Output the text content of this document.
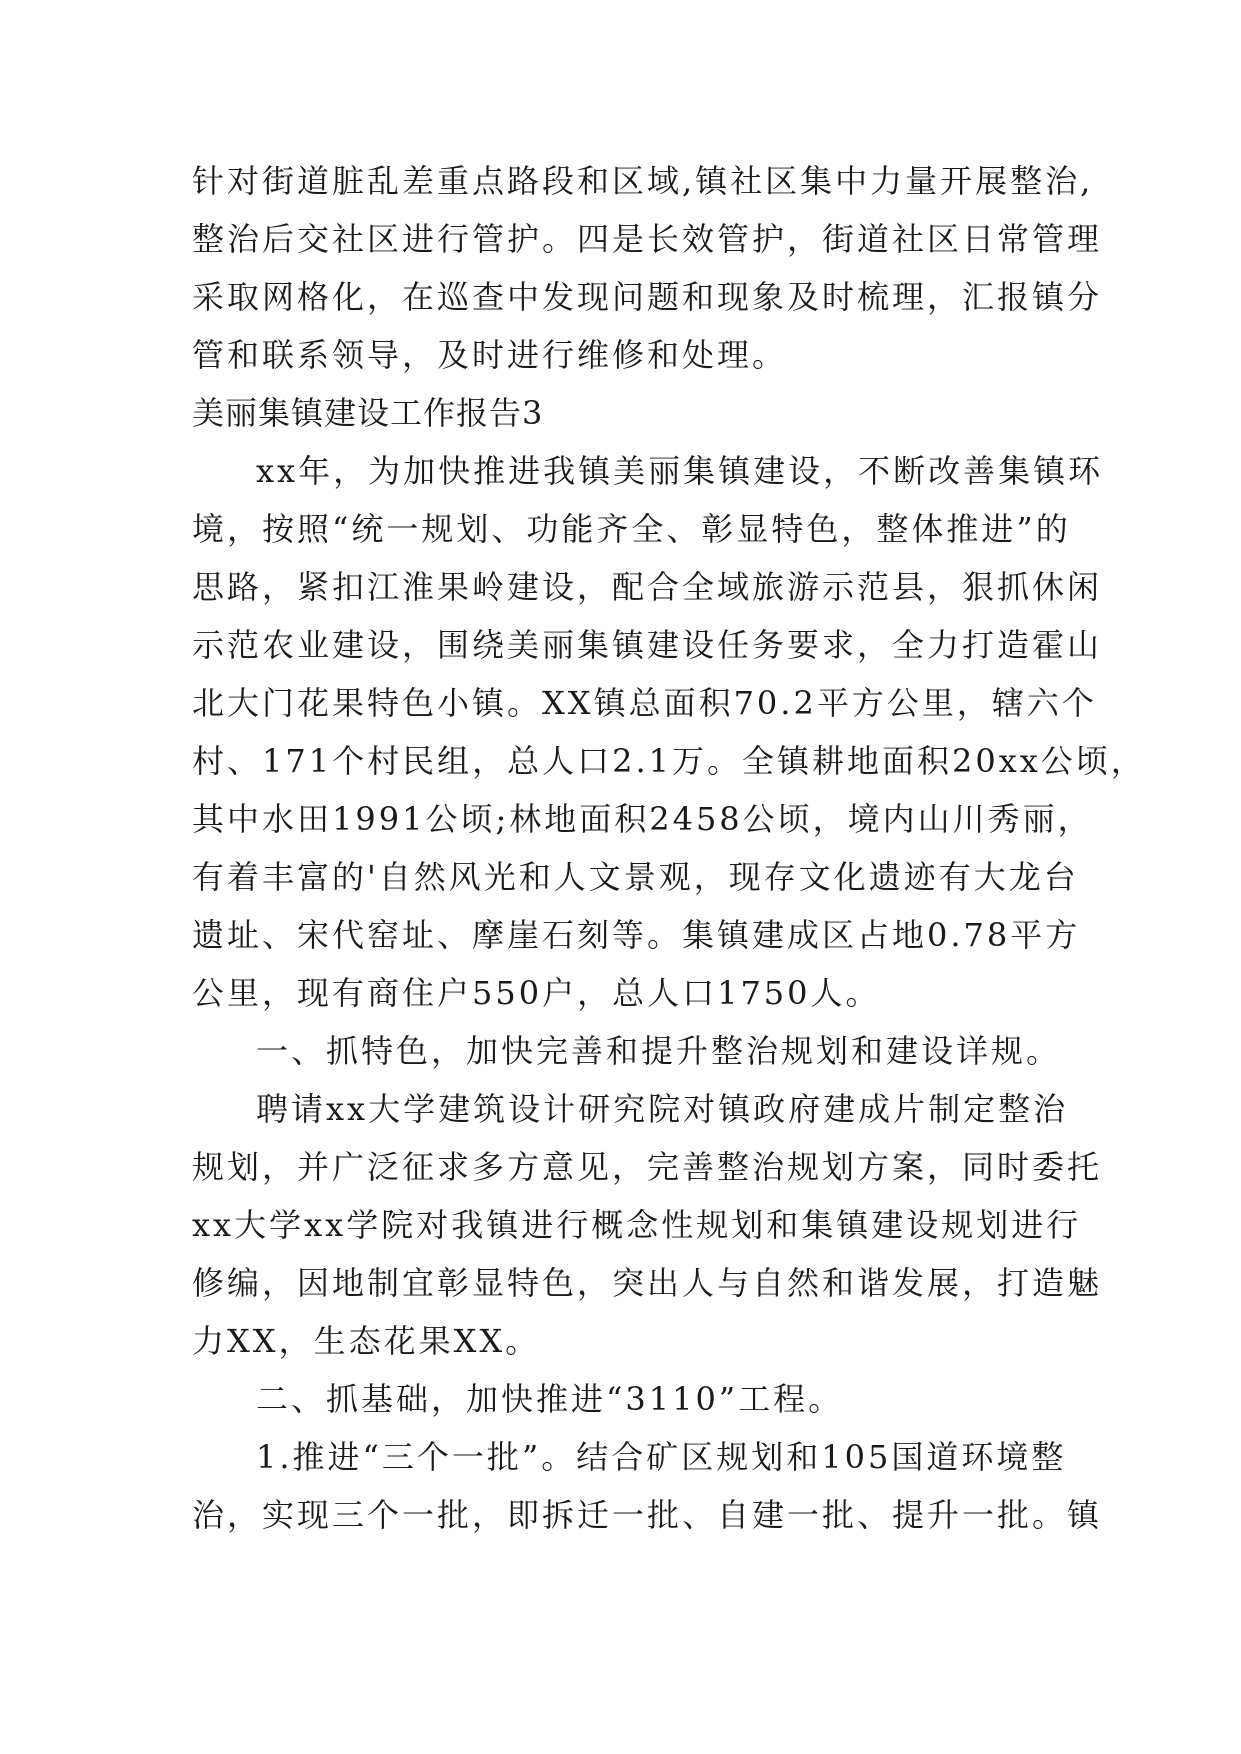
针对街道脏乱差重点路段和区域,镇社区集中力量开展整治,
整治后交社区进行管护。四是长效管护，街道社区日常管理
采取网格化，在巡查中发现问题和现象及时梳理，汇报镇分
管和联系领导，及时进行维修和处理。
美丽集镇建设工作报告3
xx年，为加快推进我镇美丽集镇建设，不断改善集镇环
境，按照“统一规划、功能齐全、彰显特色，整体推进”的
思路，紧扣江淮果岭建设，配合全域旅游示范县，狠抓休闲
示范农业建设，围绕美丽集镇建设任务要求，全力打造霍山
北大门花果特色小镇。XX镇总面积70.2平方公里，辖六个
村、171个村民组，总人口2.1万。全镇耕地面积20xx公顷，
其中水田1991公顷;林地面积2458公顷，境内山川秀丽，
有着丰富的'自然风光和人文景观，现存文化遗迹有大龙台
遗址、宋代窑址、摩崖石刻等。集镇建成区占地0.78平方
公里，现有商住户550户，总人口1750人。
一、抓特色，加快完善和提升整治规划和建设详规。
聘请xx大学建筑设计研究院对镇政府建成片制定整治
规划，并广泛征求多方意见，完善整治规划方案，同时委托
xx大学xx学院对我镇进行概念性规划和集镇建设规划进行
修编，因地制宜彰显特色，突出人与自然和谐发展，打造魅
力XX，生态花果XX。
二、抓基础，加快推进“3110”工程。
1.推进“三个一批”。结合矿区规划和105国道环境整
治，实现三个一批，即拆迁一批、自建一批、提升一批。镇
